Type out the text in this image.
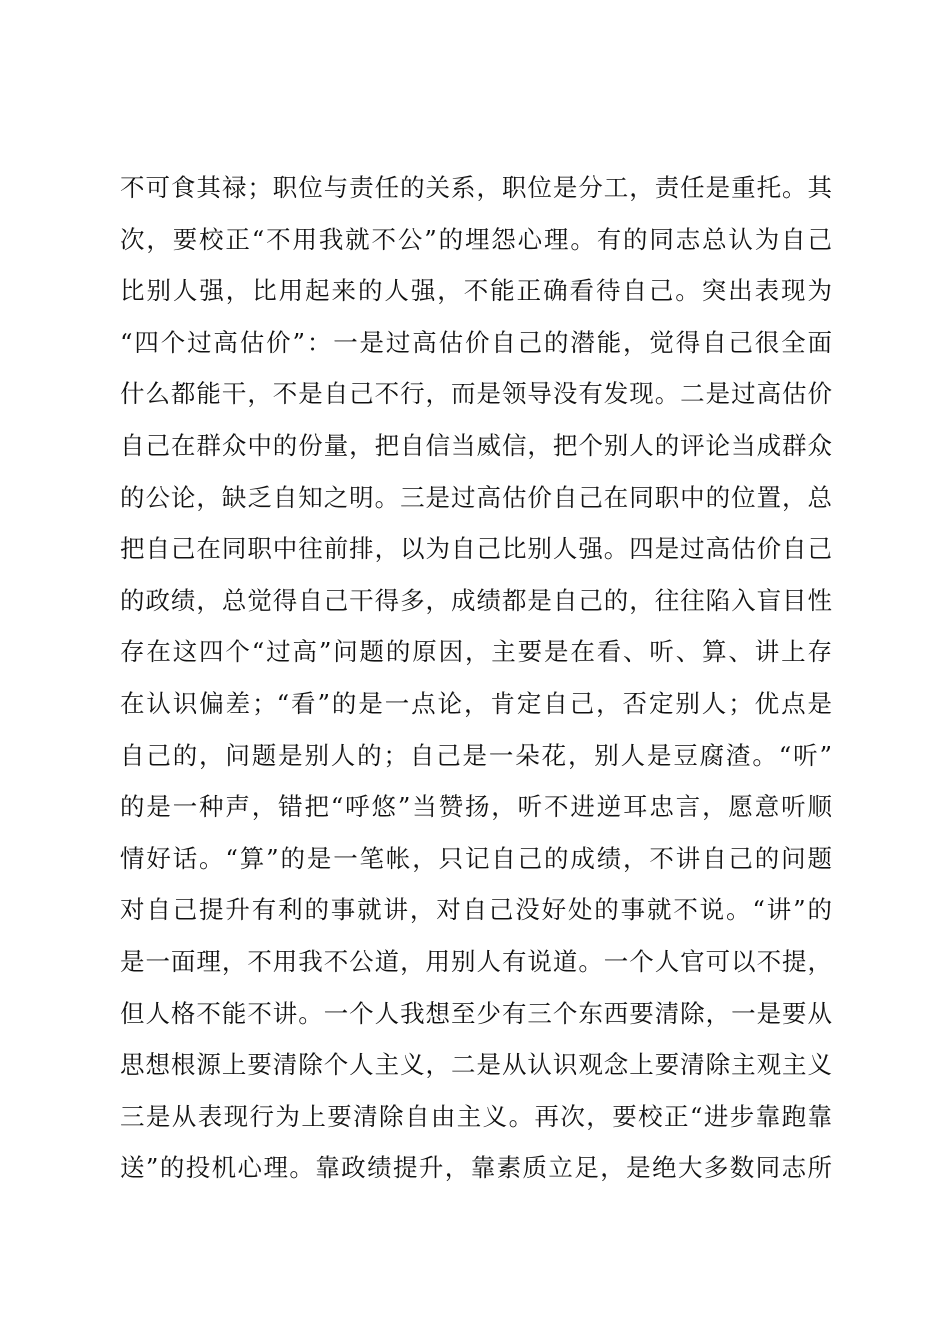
不可食其禄；职位与责任的关系，职位是分工，责任是重托。其
次，要校正“不用我就不公”的埋怨心理。有的同志总认为自己
比别人强，比用起来的人强，不能正确看待自己。突出表现为
“四个过高估价”：一是过高估价自己的潜能，觉得自己很全面
什么都能干，不是自己不行，而是领导没有发现。二是过高估价
自己在群众中的份量，把自信当威信，把个别人的评论当成群众
的公论，缺乏自知之明。三是过高估价自己在同职中的位置，总
把自己在同职中往前排，以为自己比别人强。四是过高估价自己
的政绩，总觉得自己干得多，成绩都是自己的，往往陷入盲目性
存在这四个“过高”问题的原因，主要是在看、听、算、讲上存
在认识偏差；“看”的是一点论，肯定自己，否定别人；优点是
自己的，问题是别人的；自己是一朵花，别人是豆腐渣。“听”
的是一种声，错把“呼悠”当赞扬，听不进逆耳忠言，愿意听顺
情好话。“算”的是一笔帐，只记自己的成绩，不讲自己的问题
对自己提升有利的事就讲，对自己没好处的事就不说。“讲”的
是一面理，不用我不公道，用别人有说道。一个人官可以不提，
但人格不能不讲。一个人我想至少有三个东西要清除，一是要从
思想根源上要清除个人主义，二是从认识观念上要清除主观主义
三是从表现行为上要清除自由主义。再次，要校正“进步靠跑靠
送”的投机心理。靠政绩提升，靠素质立足，是绝大多数同志所
